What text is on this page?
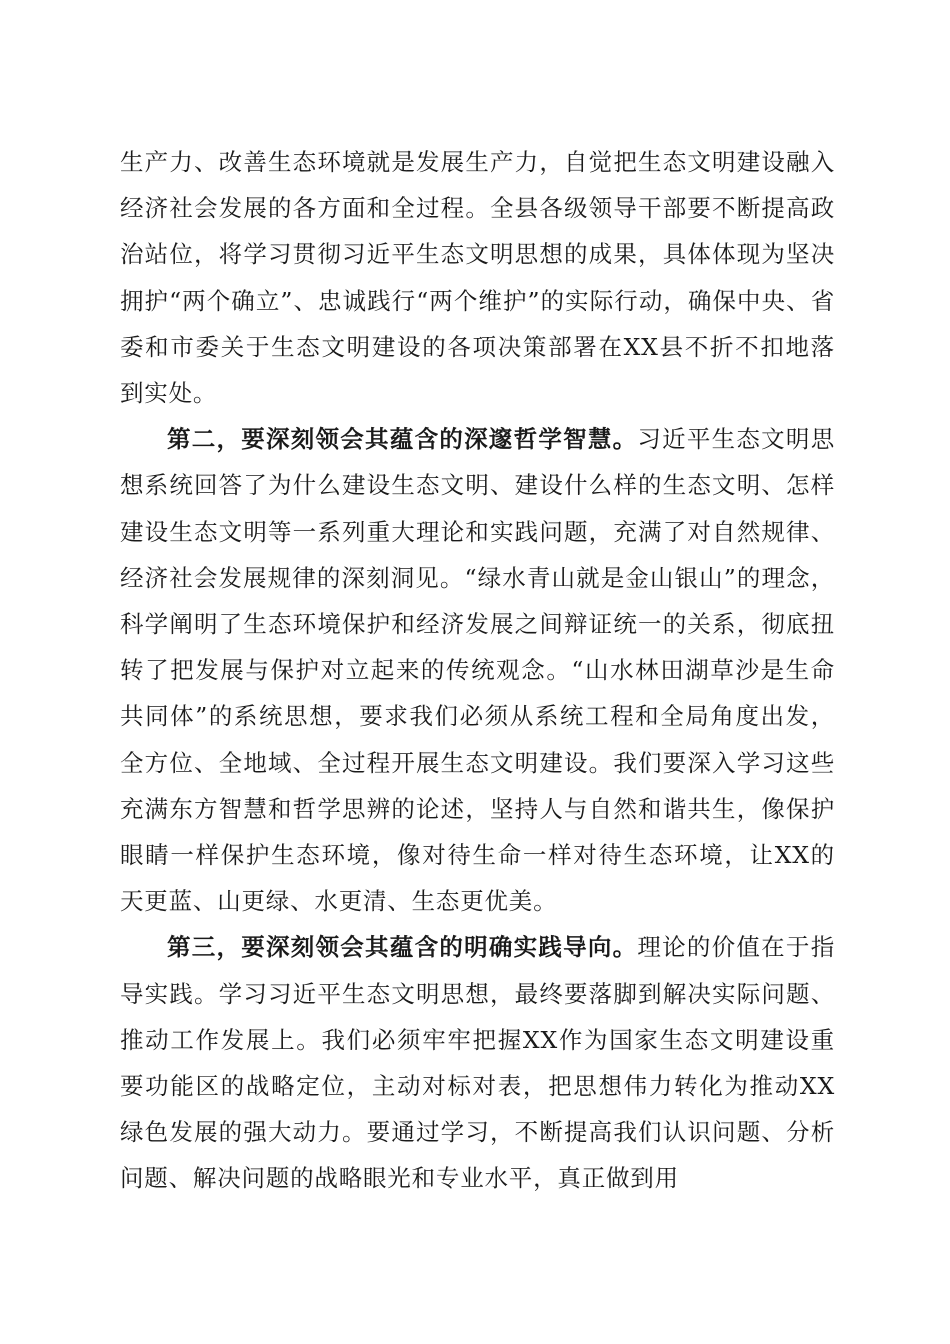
生产力、改善生态环境就是发展生产力，自觉把生态文明建设融入经济社会发展的各方面和全过程。全县各级领导干部要不断提高政治站位，将学习贯彻习近平生态文明思想的成果，具体体现为坚决拥护“两个确立”、忠诚践行“两个维护”的实际行动，确保中央、省委和市委关于生态文明建设的各项决策部署在XX县不折不扣地落到实处。

第二，要深刻领会其蕴含的深邃哲学智慧。习近平生态文明思想系统回答了为什么建设生态文明、建设什么样的生态文明、怎样建设生态文明等一系列重大理论和实践问题，充满了对自然规律、经济社会发展规律的深刻洞见。“绿水青山就是金山银山”的理念，科学阐明了生态环境保护和经济发展之间辩证统一的关系，彻底扭转了把发展与保护对立起来的传统观念。“山水林田湖草沙是生命共同体”的系统思想，要求我们必须从系统工程和全局角度出发，全方位、全地域、全过程开展生态文明建设。我们要深入学习这些充满东方智慧和哲学思辨的论述，坚持人与自然和谐共生，像保护眼睛一样保护生态环境，像对待生命一样对待生态环境，让XX的天更蓝、山更绿、水更清、生态更优美。

第三，要深刻领会其蕴含的明确实践导向。理论的价值在于指导实践。学习习近平生态文明思想，最终要落脚到解决实际问题、推动工作发展上。我们必须牢牢把握XX作为国家生态文明建设重要功能区的战略定位，主动对标对表，把思想伟力转化为推动XX绿色发展的强大动力。要通过学习，不断提高我们认识问题、分析问题、解决问题的战略眼光和专业水平，真正做到用
